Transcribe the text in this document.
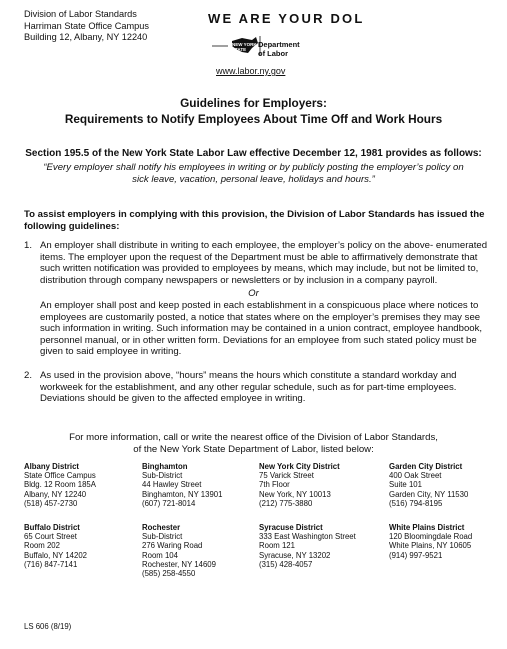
Division of Labor Standards
Harriman State Office Campus
Building 12, Albany, NY 12240
WE ARE YOUR DOL
NEW YORK
STATE
Department
of Labor
www.labor.ny.gov
Guidelines for Employers:
Requirements to Notify Employees About Time Off and Work Hours
Section 195.5 of the New York State Labor Law effective December 12, 1981 provides as follows:
“Every employer shall notify his employees in writing or by publicly posting the employer’s policy on sick leave, vacation, personal leave, holidays and hours.”
To assist employers in complying with this provision, the Division of Labor Standards has issued the following guidelines:
1. An employer shall distribute in writing to each employee, the employer’s policy on the above- enumerated items. The employer upon the request of the Department must be able to affirmatively demonstrate that such written notification was provided to employees by means, which may include, but not be limited to, distribution through company newspapers or newsletters or by inclusion in a company payroll.
Or
An employer shall post and keep posted in each establishment in a conspicuous place where notices to employees are customarily posted, a notice that states where on the employer’s premises they may see such information in writing. Such information may be contained in a union contract, employee handbook, personnel manual, or in other written form. Deviations for an employee from such stated policy must be given to said employee in writing.
2. As used in the provision above, “hours” means the hours which constitute a standard workday and workweek for the establishment, and any other regular schedule, such as for part-time employees. Deviations should be given to the affected employee in writing.
For more information, call or write the nearest office of the Division of Labor Standards,
of the New York State Department of Labor, listed below:
Albany District
State Office Campus
Bldg. 12 Room 185A
Albany, NY 12240
(518) 457-2730
Binghamton
Sub-District
44 Hawley Street
Binghamton, NY 13901
(607) 721-8014
New York City District
75 Varick Street
7th Floor
New York, NY 10013
(212) 775-3880
Garden City District
400 Oak Street
Suite 101
Garden City, NY 11530
(516) 794-8195
Buffalo District
65 Court Street
Room 202
Buffalo, NY 14202
(716) 847-7141
Rochester
Sub-District
276 Waring Road
Room 104
Rochester, NY 14609
(585) 258-4550
Syracuse District
333 East Washington Street
Room 121
Syracuse, NY 13202
(315) 428-4057
White Plains District
120 Bloomingdale Road
White Plains, NY 10605
(914) 997-9521
LS 606 (8/19)
